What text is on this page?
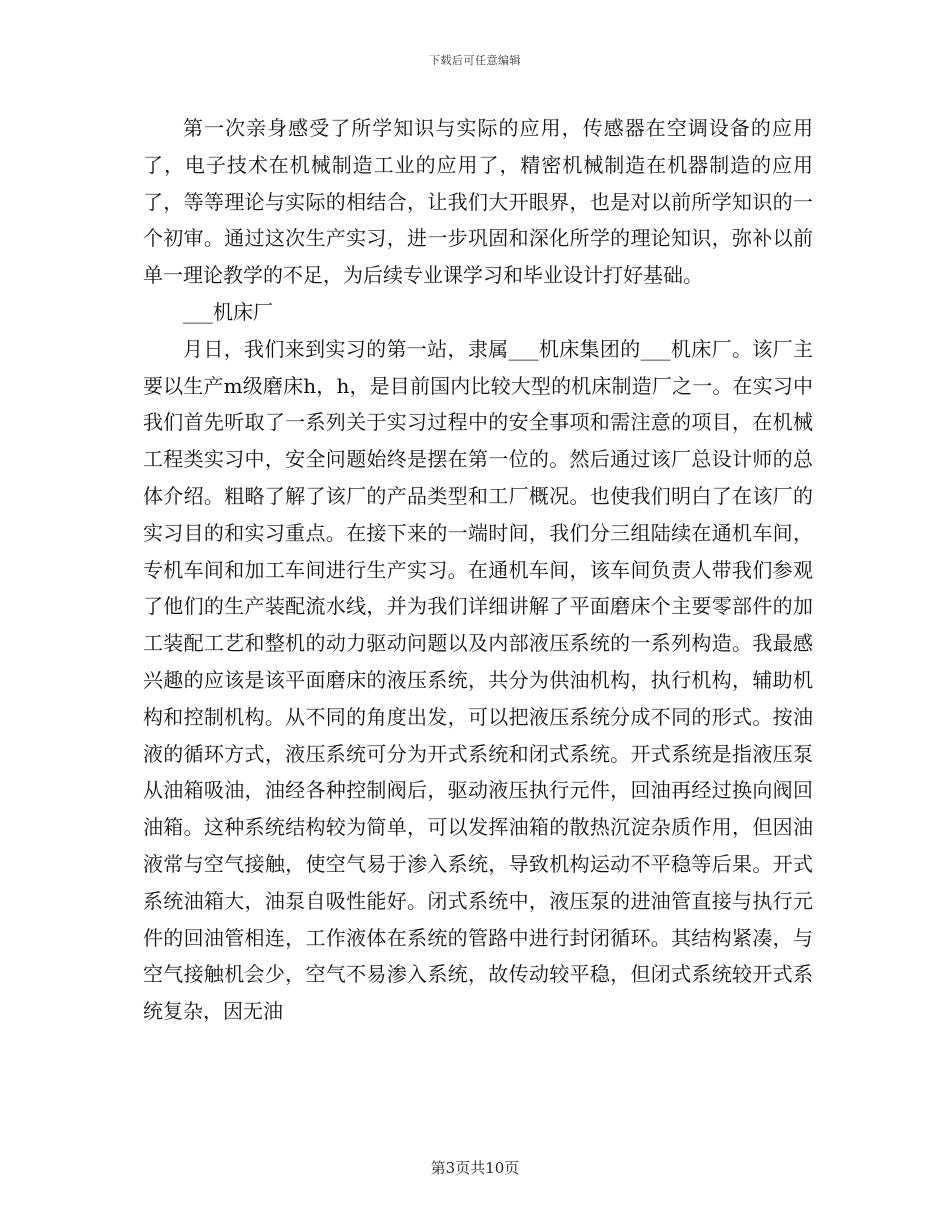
下载后可任意编辑

第一次亲身感受了所学知识与实际的应用，传感器在空调设备的应用了，电子技术在机械制造工业的应用了，精密机械制造在机器制造的应用了，等等理论与实际的相结合，让我们大开眼界，也是对以前所学知识的一个初审。通过这次生产实习，进一步巩固和深化所学的理论知识，弥补以前单一理论教学的不足，为后续专业课学习和毕业设计打好基础。

___机床厂

月日，我们来到实习的第一站，隶属___机床集团的___机床厂。该厂主要以生产m级磨床h，h，是目前国内比较大型的机床制造厂之一。在实习中我们首先听取了一系列关于实习过程中的安全事项和需注意的项目，在机械工程类实习中，安全问题始终是摆在第一位的。然后通过该厂总设计师的总体介绍。粗略了解了该厂的产品类型和工厂概况。也使我们明白了在该厂的实习目的和实习重点。在接下来的一端时间，我们分三组陆续在通机车间，专机车间和加工车间进行生产实习。在通机车间，该车间负责人带我们参观了他们的生产装配流水线，并为我们详细讲解了平面磨床个主要零部件的加工装配工艺和整机的动力驱动问题以及内部液压系统的一系列构造。我最感兴趣的应该是该平面磨床的液压系统，共分为供油机构，执行机构，辅助机构和控制机构。从不同的角度出发，可以把液压系统分成不同的形式。按油液的循环方式，液压系统可分为开式系统和闭式系统。开式系统是指液压泵从油箱吸油，油经各种控制阀后，驱动液压执行元件，回油再经过换向阀回油箱。这种系统结构较为简单，可以发挥油箱的散热沉淀杂质作用，但因油液常与空气接触，使空气易于渗入系统，导致机构运动不平稳等后果。开式系统油箱大，油泵自吸性能好。闭式系统中，液压泵的进油管直接与执行元件的回油管相连，工作液体在系统的管路中进行封闭循环。其结构紧凑，与空气接触机会少，空气不易渗入系统，故传动较平稳，但闭式系统较开式系统复杂，因无油

第3页共10页
